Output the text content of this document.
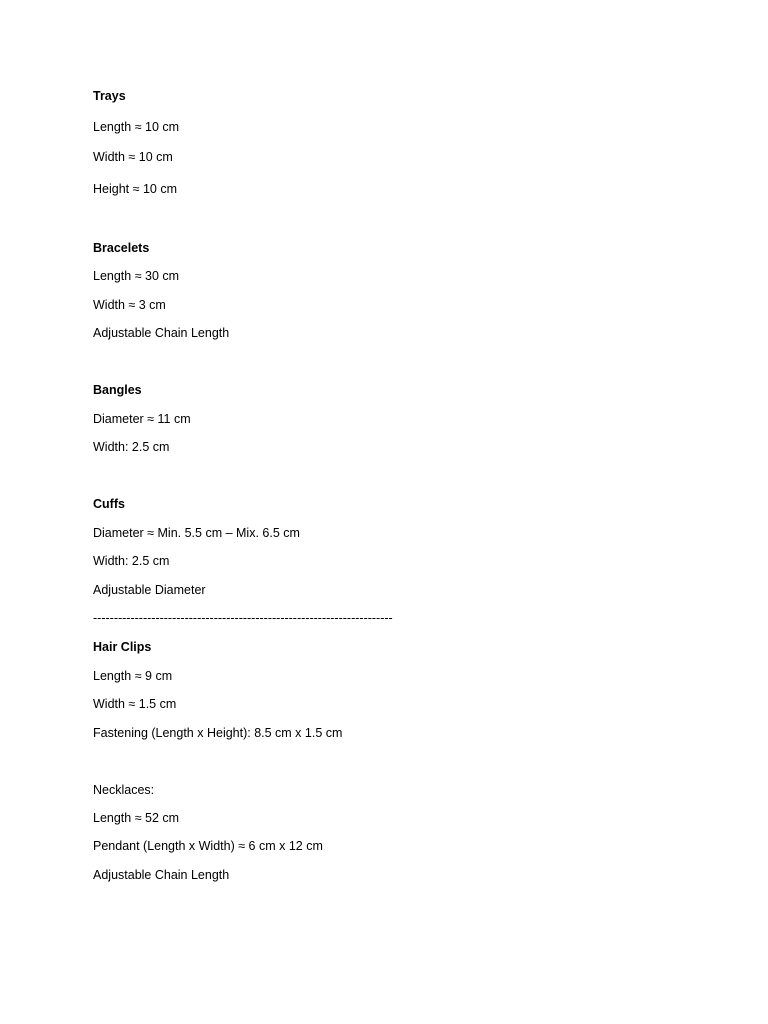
Trays
Length ≈ 10 cm
Width ≈ 10 cm
Height ≈ 10 cm
Bracelets
Length ≈ 30 cm
Width ≈ 3 cm
Adjustable Chain Length
Bangles
Diameter ≈ 11 cm
Width: 2.5 cm
Cuffs
Diameter ≈ Min. 5.5 cm – Mix. 6.5 cm
Width: 2.5 cm
Adjustable Diameter
------------------------------------------------------------------------
Hair Clips
Length ≈ 9 cm
Width ≈ 1.5 cm
Fastening (Length x Height): 8.5 cm x 1.5 cm
Necklaces:
Length ≈ 52 cm
Pendant (Length x Width) ≈ 6 cm x 12 cm
Adjustable Chain Length
